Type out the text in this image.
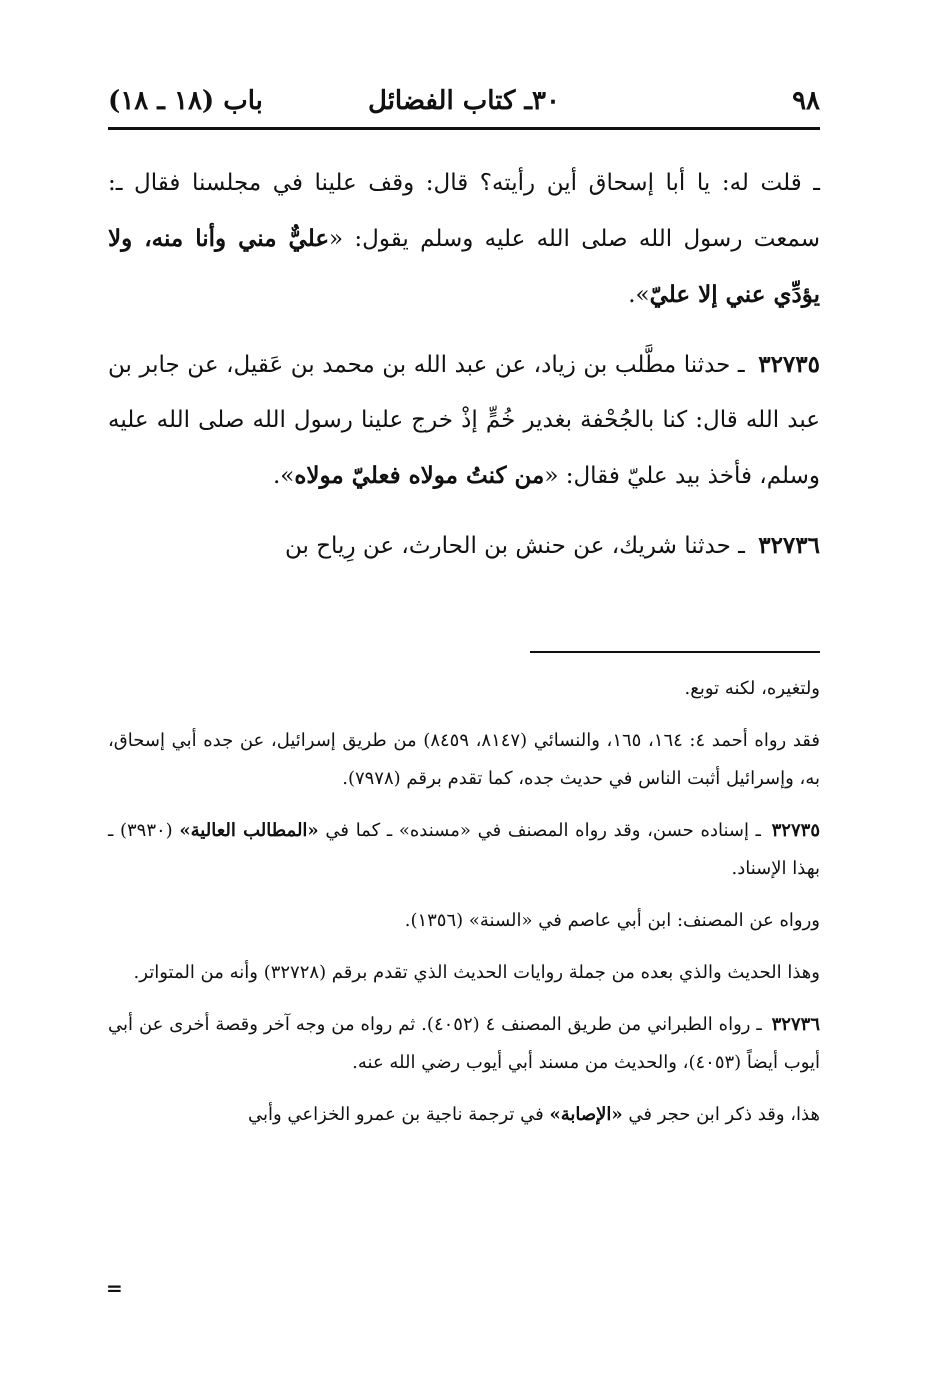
٩٨
٣٠ـ كتاب الفضائل
باب (١٨ ـ ١٨)

ـ قلت له: يا أبا إسحاق أين رأيته؟ قال: وقف علينا في مجلسنا فقال ـ: سمعت رسول الله صلى الله عليه وسلم يقول: «عليٌّ مني وأنا منه، ولا يؤدِّي عني إلا عليّ».

٣٢٧٣٥ ـ حدثنا مطَّلب بن زياد، عن عبد الله بن محمد بن عَقيل، عن جابر بن عبد الله قال: كنا بالجُحْفة بغدير خُمٍّ إذْ خرج علينا رسول الله صلى الله عليه وسلم، فأخذ بيد عليّ فقال: «من كنتُ مولاه فعليّ مولاه».

٣٢٧٣٦ ـ حدثنا شريك، عن حنش بن الحارث، عن رِياح بن

ولتغيره، لكنه توبع.

فقد رواه أحمد ٤: ١٦٤، ١٦٥، والنسائي (٨١٤٧، ٨٤٥٩) من طريق إسرائيل، عن جده أبي إسحاق، به، وإسرائيل أثبت الناس في حديث جده، كما تقدم برقم (٧٩٧٨).

٣٢٧٣٥ ـ إسناده حسن، وقد رواه المصنف في «مسنده» ـ كما في «المطالب العالية» (٣٩٣٠) ـ بهذا الإسناد.

ورواه عن المصنف: ابن أبي عاصم في «السنة» (١٣٥٦).

وهذا الحديث والذي بعده من جملة روايات الحديث الذي تقدم برقم (٣٢٧٢٨) وأنه من المتواتر.

٣٢٧٣٦ ـ رواه الطبراني من طريق المصنف ٤ (٤٠٥٢). ثم رواه من وجه آخر وقصة أخرى عن أبي أيوب أيضاً (٤٠٥٣)، والحديث من مسند أبي أيوب رضي الله عنه.

هذا، وقد ذكر ابن حجر في «الإصابة» في ترجمة ناجية بن عمرو الخزاعي وأبي

=
